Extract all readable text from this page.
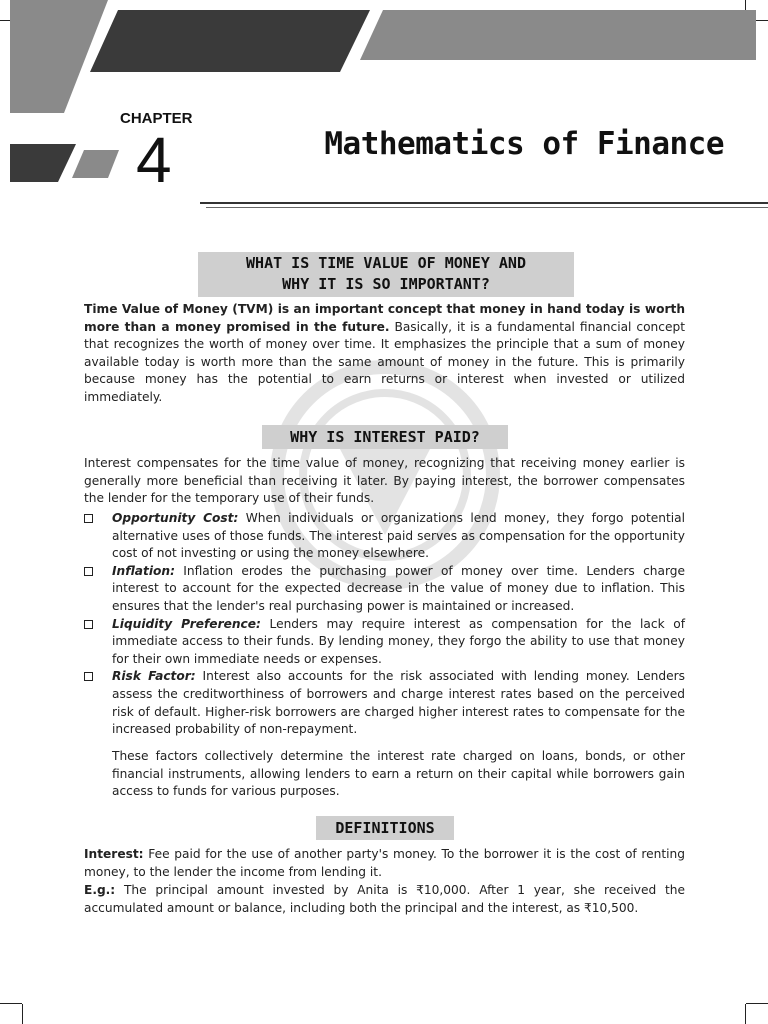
CHAPTER
4	Mathematics of Finance
WHAT IS TIME VALUE OF MONEY AND
WHY IT IS SO IMPORTANT?

Time Value of Money (TVM) is an important concept that money in hand today is worth more than a money promised in the future. Basically, it is a fundamental financial concept that recognizes the worth of money over time. It emphasizes the principle that a sum of money available today is worth more than the same amount of money in the future. This is primarily because money has the potential to earn returns or interest when invested or utilized immediately.

WHY IS INTEREST PAID?

Interest compensates for the time value of money, recognizing that receiving money earlier is generally more beneficial than receiving it later. By paying interest, the borrower compensates the lender for the temporary use of their funds.

Opportunity Cost: When individuals or organizations lend money, they forgo potential alternative uses of those funds. The interest paid serves as compensation for the opportunity cost of not investing or using the money elsewhere.
Inflation: Inflation erodes the purchasing power of money over time. Lenders charge interest to account for the expected decrease in the value of money due to inflation. This ensures that the lender's real purchasing power is maintained or increased.
Liquidity Preference: Lenders may require interest as compensation for the lack of immediate access to their funds. By lending money, they forgo the ability to use that money for their own immediate needs or expenses.
Risk Factor: Interest also accounts for the risk associated with lending money. Lenders assess the creditworthiness of borrowers and charge interest rates based on the perceived risk of default. Higher-risk borrowers are charged higher interest rates to compensate for the increased probability of non-repayment.

These factors collectively determine the interest rate charged on loans, bonds, or other financial instruments, allowing lenders to earn a return on their capital while borrowers gain access to funds for various purposes.

DEFINITIONS

Interest: Fee paid for the use of another party's money. To the borrower it is the cost of renting money, to the lender the income from lending it.

E.g.: The principal amount invested by Anita is ₹10,000. After 1 year, she received the accumulated amount or balance, including both the principal and the interest, as ₹10,500.
